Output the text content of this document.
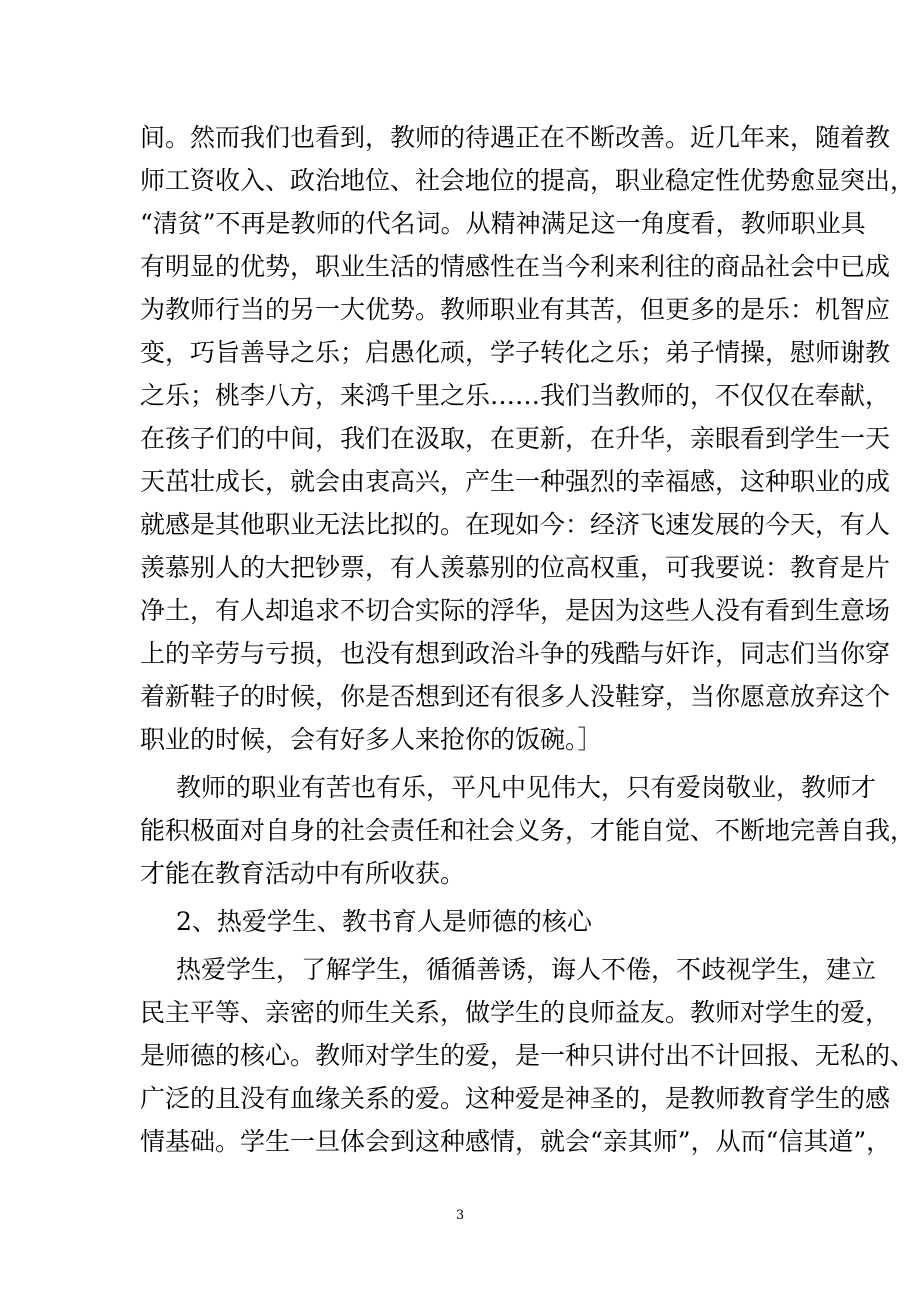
间。然而我们也看到，教师的待遇正在不断改善。近几年来，随着教
师工资收入、政治地位、社会地位的提高，职业稳定性优势愈显突出，
“清贫”不再是教师的代名词。从精神满足这一角度看，教师职业具
有明显的优势，职业生活的情感性在当今利来利往的商品社会中已成
为教师行当的另一大优势。教师职业有其苦，但更多的是乐：机智应
变，巧旨善导之乐；启愚化顽，学子转化之乐；弟子情操，慰师谢教
之乐；桃李八方，来鸿千里之乐……我们当教师的，不仅仅在奉献，
在孩子们的中间，我们在汲取，在更新，在升华，亲眼看到学生一天
天茁壮成长，就会由衷高兴，产生一种强烈的幸福感，这种职业的成
就感是其他职业无法比拟的。在现如今：经济飞速发展的今天，有人
羡慕别人的大把钞票，有人羡慕别的位高权重，可我要说：教育是片
净土，有人却追求不切合实际的浮华，是因为这些人没有看到生意场
上的辛劳与亏损，也没有想到政治斗争的残酷与奸诈，同志们当你穿
着新鞋子的时候，你是否想到还有很多人没鞋穿，当你愿意放弃这个
职业的时候，会有好多人来抢你的饭碗。］
教师的职业有苦也有乐，平凡中见伟大，只有爱岗敬业，教师才
能积极面对自身的社会责任和社会义务，才能自觉、不断地完善自我，
才能在教育活动中有所收获。
2、热爱学生、教书育人是师德的核心
热爱学生，了解学生，循循善诱，诲人不倦，不歧视学生，建立
民主平等、亲密的师生关系，做学生的良师益友。教师对学生的爱，
是师德的核心。教师对学生的爱，是一种只讲付出不计回报、无私的、
广泛的且没有血缘关系的爱。这种爱是神圣的，是教师教育学生的感
情基础。学生一旦体会到这种感情，就会“亲其师”，从而“信其道”，
3
